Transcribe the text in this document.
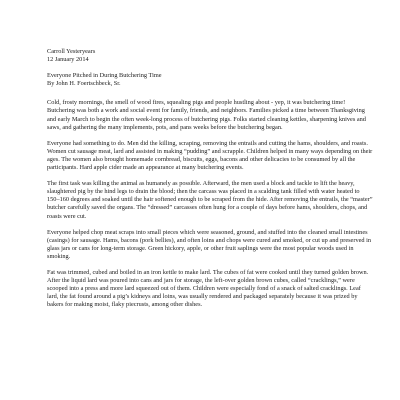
Carroll Yesteryears
12 January 2014
Everyone Pitched in During Butchering Time
By John H. Foertschbeck, Sr.

Cold, frosty mornings, the smell of wood fires, squealing pigs and people hustling about - yep, it was butchering time! Butchering was both a work and social event for family, friends, and neighbors. Families picked a time between Thanksgiving and early March to begin the often week-long process of butchering pigs. Folks started cleaning kettles, sharpening knives and saws, and gathering the many implements, pots, and pans weeks before the butchering began.

Everyone had something to do. Men did the killing, scraping, removing the entrails and cutting the hams, shoulders, and roasts. Women cut sausage meat, lard and assisted in making “pudding” and scrapple. Children helped in many ways depending on their ages. The women also brought homemade cornbread, biscuits, eggs, bacons and other delicacies to be consumed by all the participants. Hard apple cider made an appearance at many butchering events.

The first task was killing the animal as humanely as possible. Afterward, the men used a block and tackle to lift the heavy, slaughtered pig by the hind legs to drain the blood; then the carcass was placed in a scalding tank filled with water heated to 150–160 degrees and soaked until the hair softened enough to be scraped from the hide. After removing the entrails, the “master” butcher carefully saved the organs. The “dressed” carcasses often hung for a couple of days before hams, shoulders, chops, and roasts were cut.

Everyone helped chop meat scraps into small pieces which were seasoned, ground, and stuffed into the cleaned small intestines (casings) for sausage. Hams, bacons (pork bellies), and often loins and chops were cured and smoked, or cut up and preserved in glass jars or cans for long-term storage. Green hickory, apple, or other fruit saplings were the most popular woods used in smoking.

Fat was trimmed, cubed and boiled in an iron kettle to make lard. The cubes of fat were cooked until they turned golden brown. After the liquid lard was poured into cans and jars for storage, the left-over golden brown cubes, called “cracklings,” were scooped into a press and more lard squeezed out of them. Children were especially fond of a snack of salted cracklings. Leaf lard, the fat found around a pig’s kidneys and loins, was usually rendered and packaged separately because it was prized by bakers for making moist, flaky piecrusts, among other dishes.
